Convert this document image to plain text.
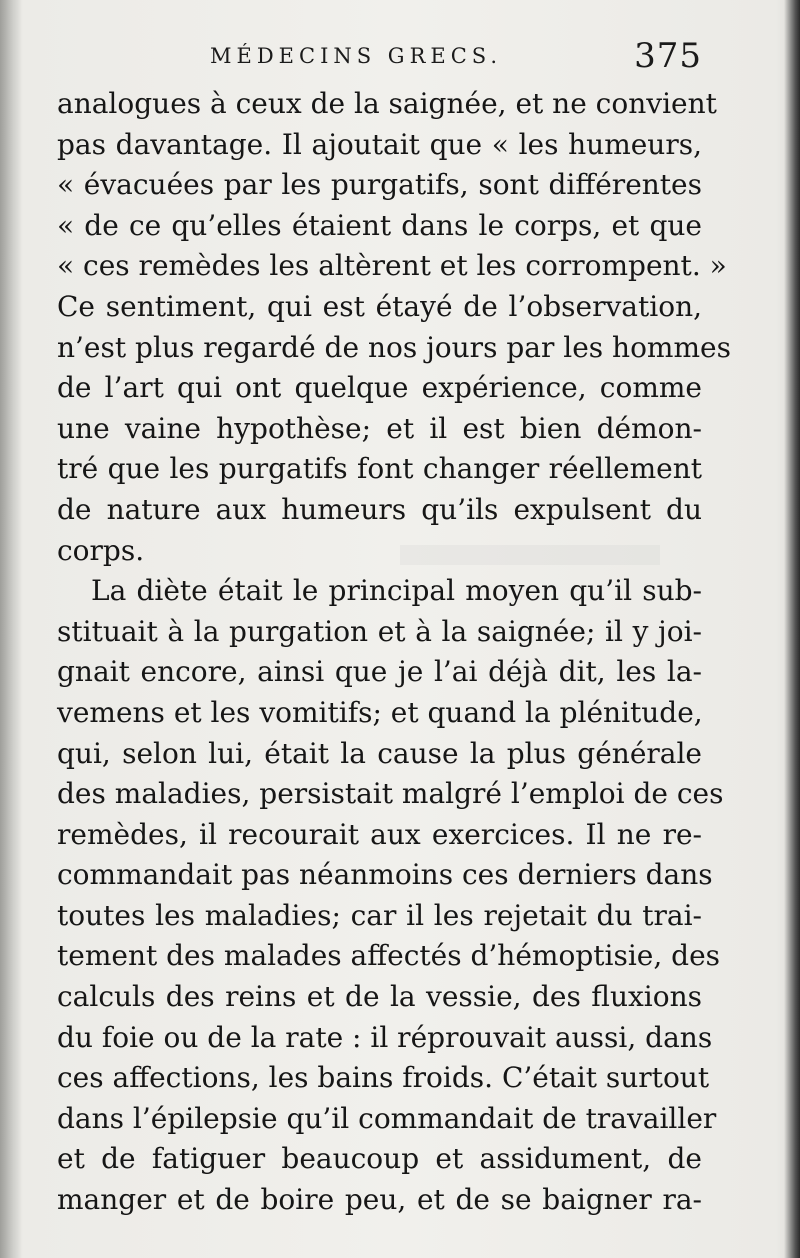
MÉDECINS GRECS.	375
analogues à ceux de la saignée, et ne convient
pas davantage. Il ajoutait que « les humeurs,
« évacuées par les purgatifs, sont différentes
« de ce qu’elles étaient dans le corps, et que
« ces remèdes les altèrent et les corrompent. »
Ce sentiment, qui est étayé de l’observation,
n’est plus regardé de nos jours par les hommes
de l’art qui ont quelque expérience, comme
une vaine hypothèse; et il est bien démon-
tré que les purgatifs font changer réellement
de nature aux humeurs qu’ils expulsent du
corps.
La diète était le principal moyen qu’il sub-
stituait à la purgation et à la saignée; il y joi-
gnait encore, ainsi que je l’ai déjà dit, les la-
vemens et les vomitifs; et quand la plénitude,
qui, selon lui, était la cause la plus générale
des maladies, persistait malgré l’emploi de ces
remèdes, il recourait aux exercices. Il ne re-
commandait pas néanmoins ces derniers dans
toutes les maladies; car il les rejetait du trai-
tement des malades affectés d’hémoptisie, des
calculs des reins et de la vessie, des fluxions
du foie ou de la rate : il réprouvait aussi, dans
ces affections, les bains froids. C’était surtout
dans l’épilepsie qu’il commandait de travailler
et de fatiguer beaucoup et assidument, de
manger et de boire peu, et de se baigner ra-
